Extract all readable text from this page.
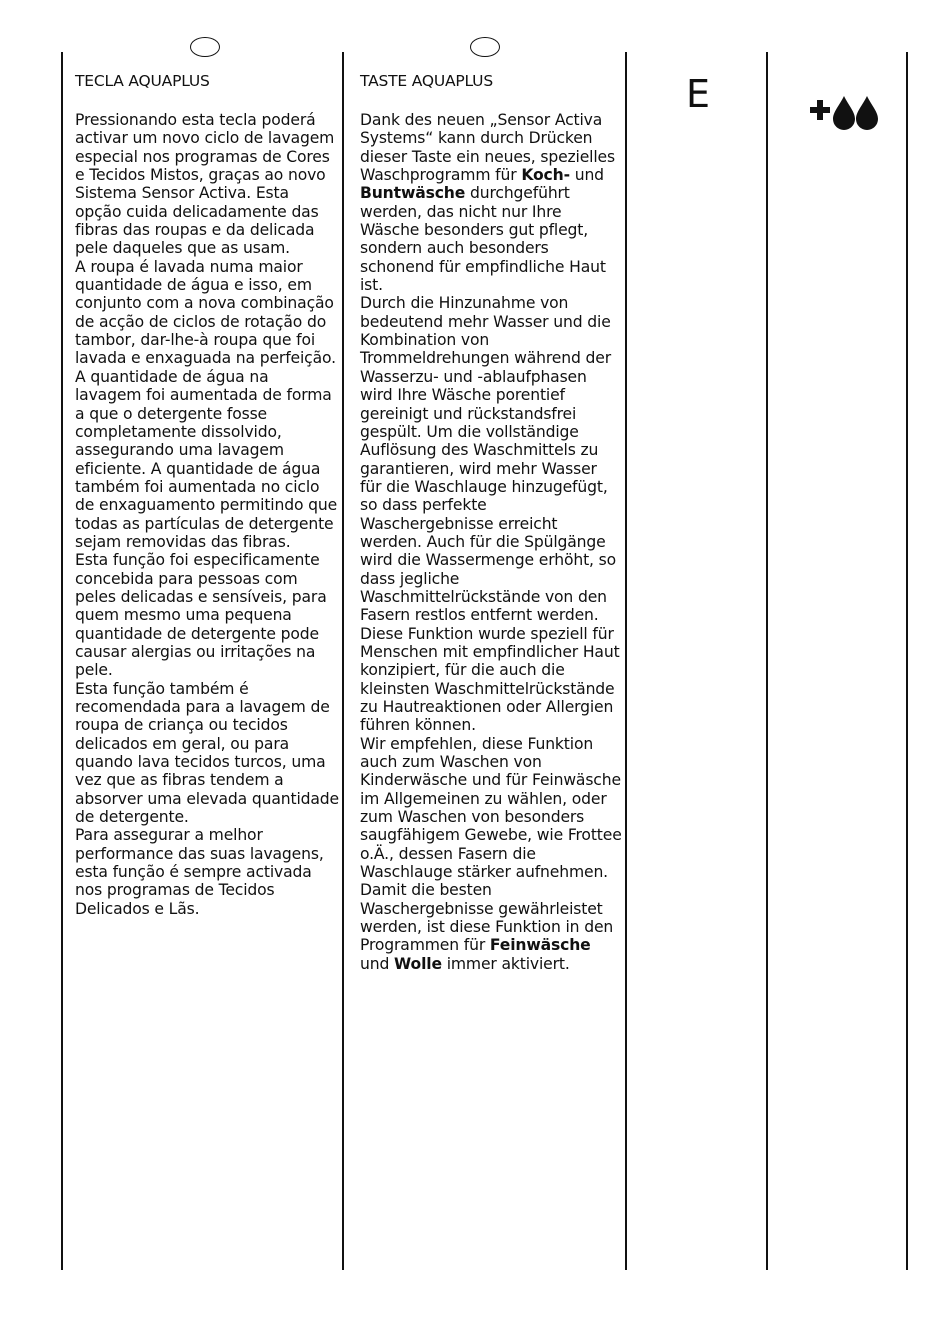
TECLA AQUAPLUS

Pressionando esta tecla poderá activar um novo ciclo de lavagem especial nos programas de Cores e Tecidos Mistos, graças ao novo Sistema Sensor Activa. Esta opção cuida delicadamente das fibras das roupas e da delicada pele daqueles que as usam.

A roupa é lavada numa maior quantidade de água e isso, em conjunto com a nova combinação de acção de ciclos de rotação do tambor, dar-lhe-à roupa que foi lavada e enxaguada na perfeição. A quantidade de água na lavagem foi aumentada de forma a que o detergente fosse completamente dissolvido, assegurando uma lavagem eficiente. A quantidade de água também foi aumentada no ciclo de enxaguamento permitindo que todas as partículas de detergente sejam removidas das fibras.

Esta função foi especificamente concebida para pessoas com peles delicadas e sensíveis, para quem mesmo uma pequena quantidade de detergente pode causar alergias ou irritações na pele.

Esta função também é recomendada para a lavagem de roupa de criança ou tecidos delicados em geral, ou para quando lava tecidos turcos, uma vez que as fibras tendem a absorver uma elevada quantidade de detergente.

Para assegurar a melhor performance das suas lavagens, esta função é sempre activada nos programas de Tecidos Delicados e Lãs.

TASTE AQUAPLUS

Dank des neuen „Sensor Activa Systems“ kann durch Drücken dieser Taste ein neues, spezielles Waschprogramm für Koch- und Buntwäsche durchgeführt werden, das nicht nur Ihre Wäsche besonders gut pflegt, sondern auch besonders schonend für empfindliche Haut ist.

Durch die Hinzunahme von bedeutend mehr Wasser und die Kombination von Trommeldrehungen während der Wasserzu- und -ablaufphasen wird Ihre Wäsche porentief gereinigt und rückstandsfrei gespült. Um die vollständige Auflösung des Waschmittels zu garantieren, wird mehr Wasser für die Waschlauge hinzugefügt, so dass perfekte Waschergebnisse erreicht werden. Auch für die Spülgänge wird die Wassermenge erhöht, so dass jegliche Waschmittelrückstände von den Fasern restlos entfernt werden.

Diese Funktion wurde speziell für Menschen mit empfindlicher Haut konzipiert, für die auch die kleinsten Waschmittelrückstände zu Hautreaktionen oder Allergien führen können.

Wir empfehlen, diese Funktion auch zum Waschen von Kinderwäsche und für Feinwäsche im Allgemeinen zu wählen, oder zum Waschen von besonders saugfähigem Gewebe, wie Frottee o.Ä., dessen Fasern die Waschlauge stärker aufnehmen.

Damit die besten Waschergebnisse gewährleistet werden, ist diese Funktion in den Programmen für Feinwäsche und Wolle immer aktiviert.

E
